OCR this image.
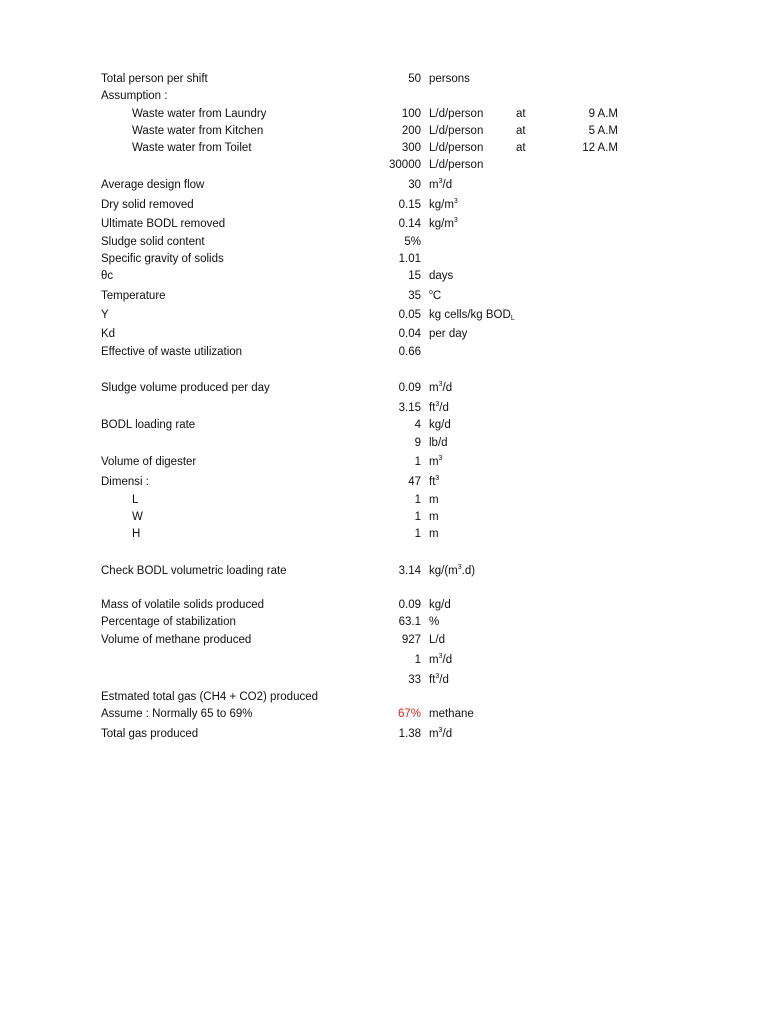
Total person per shift	50 persons
Assumption :
Waste water from Laundry	100 L/d/person	at	9 A.M
Waste water from Kitchen	200 L/d/person	at	5 A.M
Waste water from Toilet	300 L/d/person	at	12 A.M
30000 L/d/person
Average design flow	30 $m^3/d$
Dry solid removed	0.15 $kg/m^3$
Ultimate BODL removed	0.14 $kg/m^3$
Sludge solid content	5%
Specific gravity of solids	1.01
θc	15 days
Temperature	35 $^o$C
Y	0.05 kg cells/kg $BOD_L$
Kd	0.04 per day
Effective of waste utilization	0.66
Sludge volume produced per day	0.09 $m^3/d$
3.15 $ft^3/d$
BODL loading rate	4 kg/d
9 lb/d
Volume of digester	1 $m^3$
Dimensi :	47 $ft^3$
L	1 m
W	1 m
H	1 m
Check BODL volumetric loading rate	3.14 $kg/(m^3.d)$
Mass of volatile solids produced	0.09 kg/d
Percentage of stabilization	63.1 %
Volume of methane produced	927 L/d
1 $m^3/d$
33 $ft^3/d$
Estmated total gas (CH4 + CO2) produced
Assume : Normally 65 to 69%	67% methane
Total gas produced	1.38 $m^3/d$
